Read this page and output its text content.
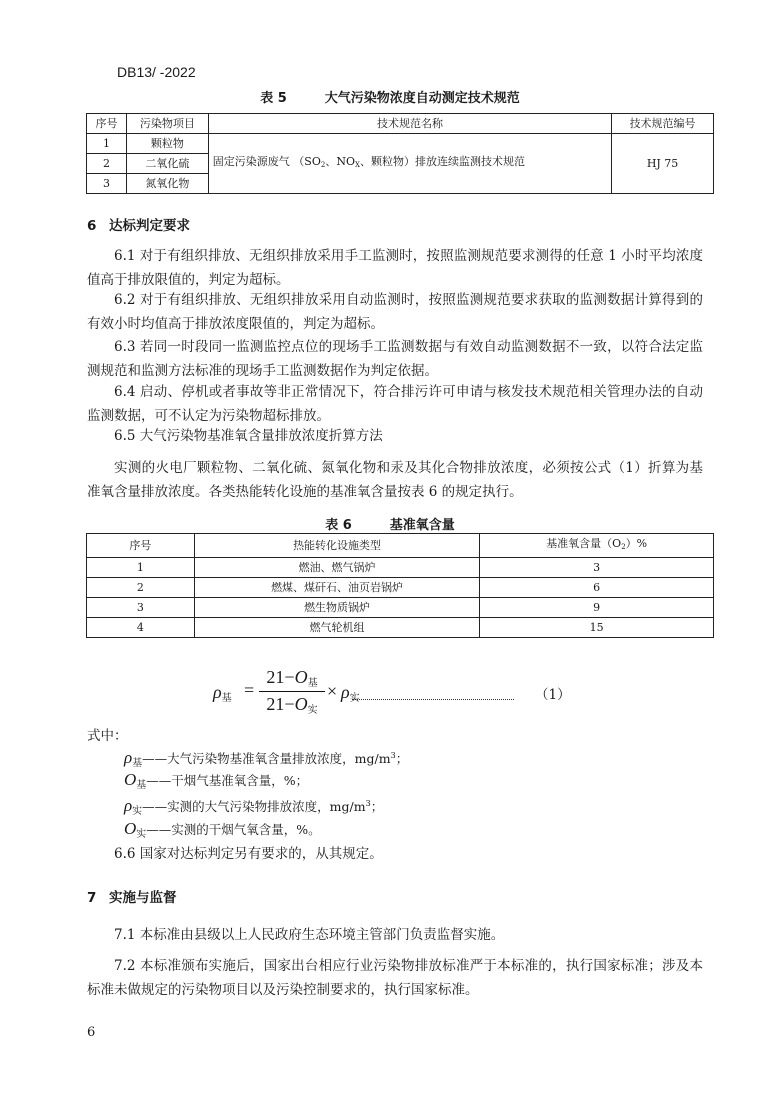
DB13/ -2022
表 5	大气污染物浓度自动测定技术规范
序号	污染物项目	技术规范名称	技术规范编号
1	颗粒物	固定污染源废气 （SO2、NOX、颗粒物）排放连续监测技术规范	HJ 75
2	二氧化硫		
3	氮氧化物		
6 达标判定要求
6.1 对于有组织排放、无组织排放采用手工监测时，按照监测规范要求测得的任意 1 小时平均浓度值高于排放限值的，判定为超标。
6.2 对于有组织排放、无组织排放采用自动监测时，按照监测规范要求获取的监测数据计算得到的有效小时均值高于排放浓度限值的，判定为超标。
6.3 若同一时段同一监测监控点位的现场手工监测数据与有效自动监测数据不一致，以符合法定监测规范和监测方法标准的现场手工监测数据作为判定依据。
6.4 启动、停机或者事故等非正常情况下，符合排污许可申请与核发技术规范相关管理办法的自动监测数据，可不认定为污染物超标排放。
6.5 大气污染物基准氧含量排放浓度折算方法
实测的火电厂颗粒物、二氧化硫、氮氧化物和汞及其化合物排放浓度，必须按公式（1）折算为基准氧含量排放浓度。各类热能转化设施的基准氧含量按表 6 的规定执行。
表 6	基准氧含量
序号	热能转化设施类型	基准氧含量（O2）%
1	燃油、燃气锅炉	3
2	燃煤、煤矸石、油页岩锅炉	6
3	燃生物质锅炉	9
4	燃气轮机组	15
$\rho_基$ =
$21-O_基$
$21-O_实$
× $\rho_实$	（1）
式中：
$\rho_基——$大气污染物基准氧含量排放浓度，$mg/m^3$；
$O_基——$干烟气基准氧含量，%；
$\rho_实——$实测的大气污染物排放浓度，$mg/m^3$；
$O_实——$实测的干烟气氧含量，%。
6.6 国家对达标判定另有要求的，从其规定。
7 实施与监督
7.1 本标准由县级以上人民政府生态环境主管部门负责监督实施。
7.2 本标准颁布实施后，国家出台相应行业污染物排放标准严于本标准的，执行国家标准；涉及本标准未做规定的污染物项目以及污染控制要求的，执行国家标准。
6
